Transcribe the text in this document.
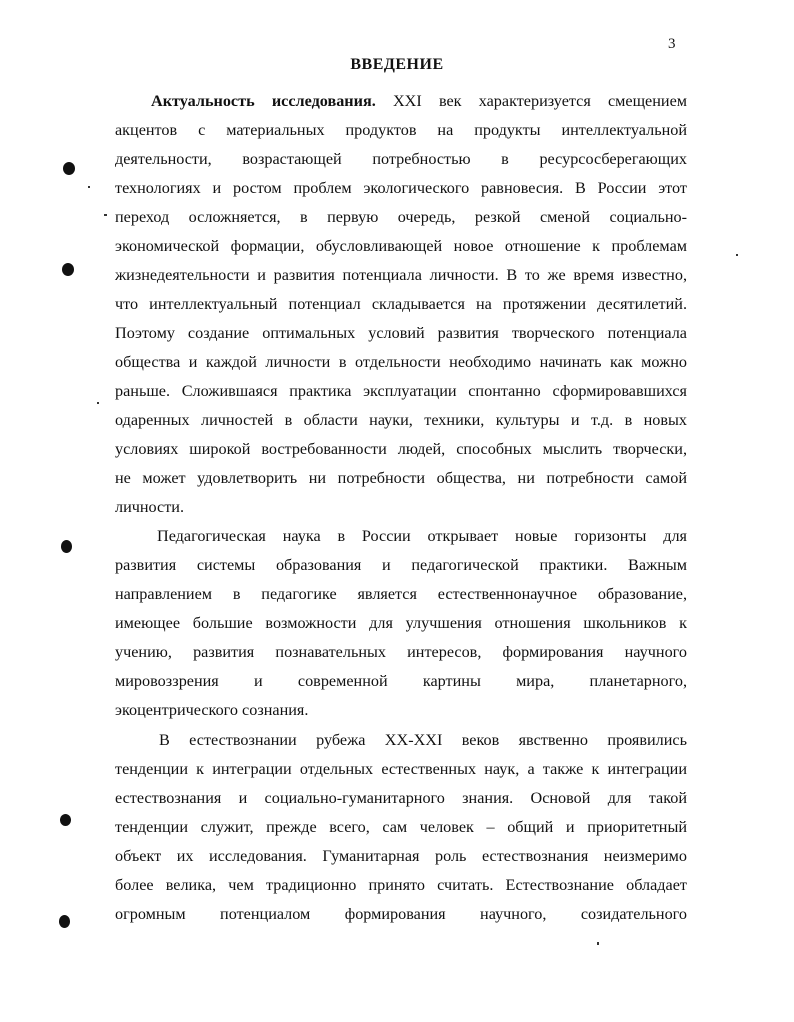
3
ВВЕДЕНИЕ
Актуальность исследования. XXI век характеризуется смещением
акцентов с материальных продуктов на продукты интеллектуальной
деятельности, возрастающей потребностью в ресурсосберегающих
технологиях и ростом проблем экологического равновесия. В России этот
переход осложняется, в первую очередь, резкой сменой социально-
экономической формации, обусловливающей новое отношение к проблемам
жизнедеятельности и развития потенциала личности. В то же время известно,
что интеллектуальный потенциал складывается на протяжении десятилетий.
Поэтому создание оптимальных условий развития творческого потенциала
общества и каждой личности в отдельности необходимо начинать как можно
раньше. Сложившаяся практика эксплуатации спонтанно сформировавшихся
одаренных личностей в области науки, техники, культуры и т.д. в новых
условиях широкой востребованности людей, способных мыслить творчески,
не может удовлетворить ни потребности общества, ни потребности самой
личности.
Педагогическая наука в России открывает новые горизонты для
развития системы образования и педагогической практики. Важным
направлением в педагогике является естественнонаучное образование,
имеющее большие возможности для улучшения отношения школьников к
учению, развития познавательных интересов, формирования научного
мировоззрения и современной картины мира, планетарного,
экоцентрического сознания.
В естествознании рубежа XX-XXI веков явственно проявились
тенденции к интеграции отдельных естественных наук, а также к интеграции
естествознания и социально-гуманитарного знания. Основой для такой
тенденции служит, прежде всего, сам человек – общий и приоритетный
объект их исследования. Гуманитарная роль естествознания неизмеримо
более велика, чем традиционно принято считать. Естествознание обладает
огромным потенциалом формирования научного, созидательного
